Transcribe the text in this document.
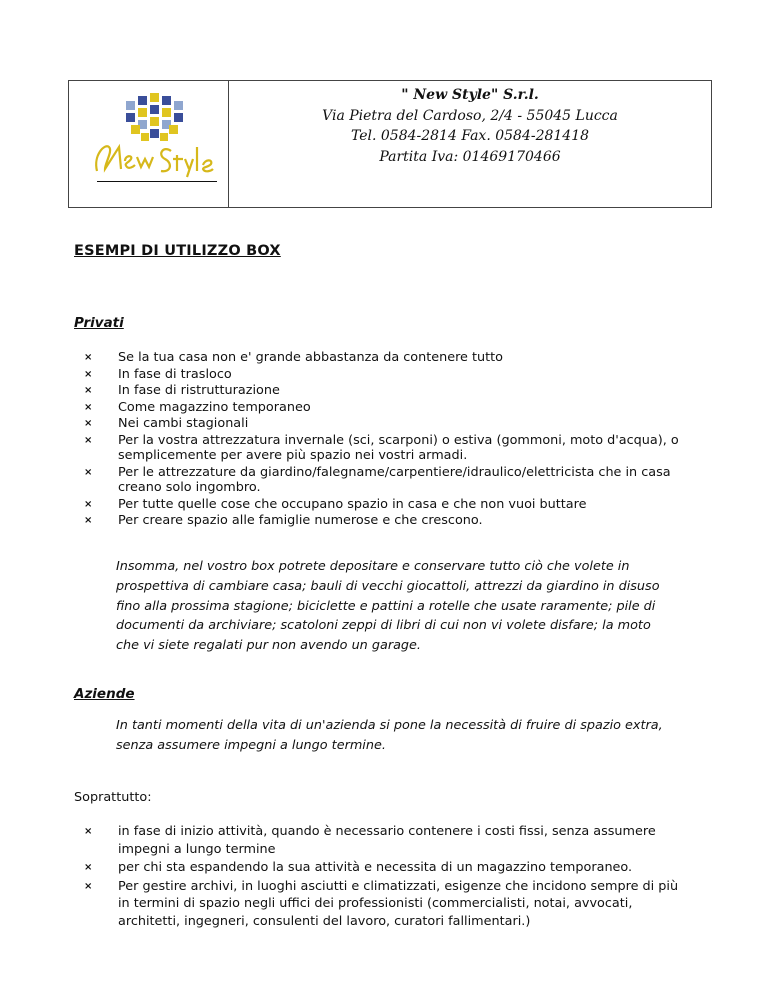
" New Style" S.r.l.
Via Pietra del Cardoso, 2/4 - 55045 Lucca
Tel. 0584-2814 Fax. 0584-281418
Partita Iva: 01469170466
ESEMPI DI UTILIZZO BOX
Privati
× Se la tua casa non e' grande abbastanza da contenere tutto
× In fase di trasloco
× In fase di ristrutturazione
× Come magazzino temporaneo
× Nei cambi stagionali
× Per la vostra attrezzatura invernale (sci, scarponi) o estiva (gommoni, moto d'acqua), o semplicemente per avere più spazio nei vostri armadi.
× Per le attrezzature da giardino/falegname/carpentiere/idraulico/elettricista che in casa creano solo ingombro.
× Per tutte quelle cose che occupano spazio in casa e che non vuoi buttare
× Per creare spazio alle famiglie numerose e che crescono.
Insomma, nel vostro box potrete depositare e conservare tutto ciò che volete in prospettiva di cambiare casa; bauli di vecchi giocattoli, attrezzi da giardino in disuso fino alla prossima stagione; biciclette e pattini a rotelle che usate raramente; pile di documenti da archiviare; scatoloni zeppi di libri di cui non vi volete disfare; la moto che vi siete regalati pur non avendo un garage.
Aziende
In tanti momenti della vita di un'azienda si pone la necessità di fruire di spazio extra, senza assumere impegni a lungo termine.
Soprattutto:
× in fase di inizio attività, quando è necessario contenere i costi fissi, senza assumere impegni a lungo termine
× per chi sta espandendo la sua attività e necessita di un magazzino temporaneo.
× Per gestire archivi, in luoghi asciutti e climatizzati, esigenze che incidono sempre di più in termini di spazio negli uffici dei professionisti (commercialisti, notai, avvocati, architetti, ingegneri, consulenti del lavoro, curatori fallimentari.)
